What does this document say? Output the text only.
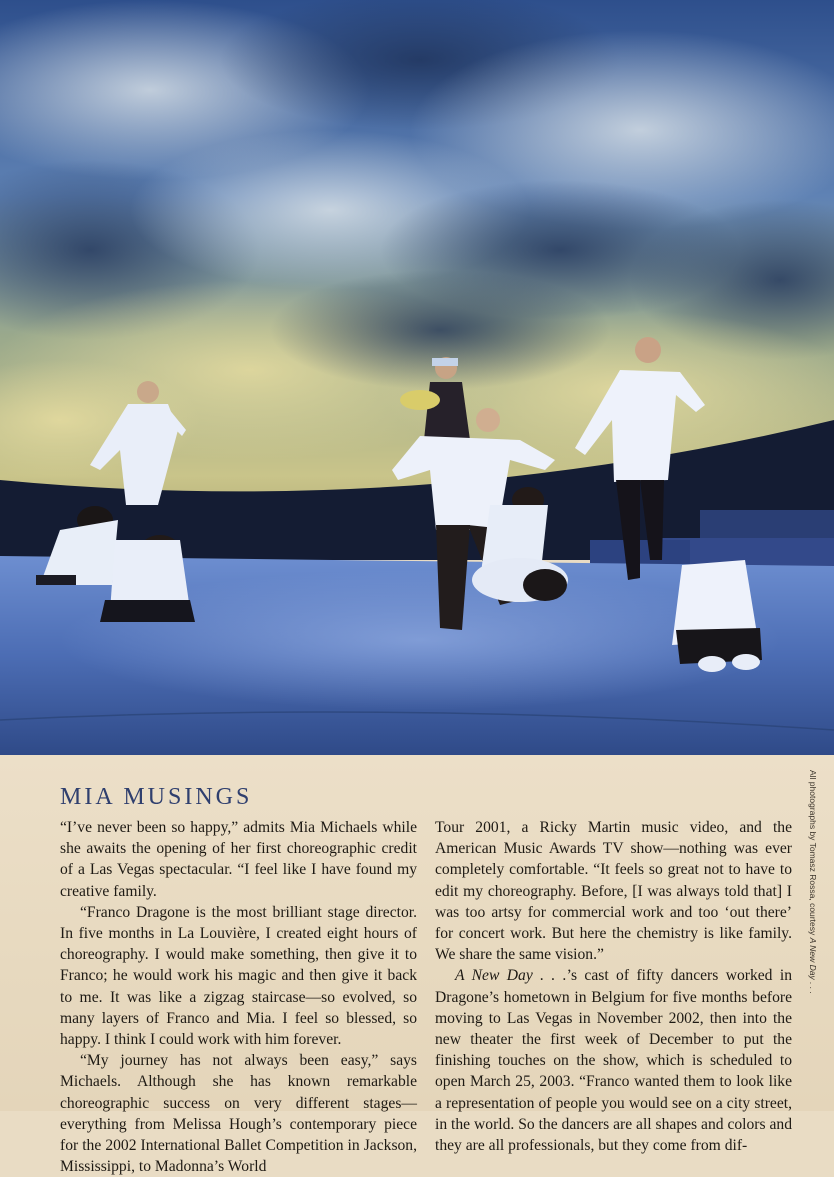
MIA MUSINGS

“I’ve never been so happy,” admits Mia Michaels while she awaits the opening of her first choreographic credit of a Las Vegas spectacular. “I feel like I have found my creative family.

“Franco Dragone is the most brilliant stage director. In five months in La Louvière, I created eight hours of choreography. I would make something, then give it to Franco; he would work his magic and then give it back to me. It was like a zigzag staircase—so evolved, so many layers of Franco and Mia. I feel so blessed, so happy. I think I could work with him forever.

“My journey has not always been easy,” says Michaels. Although she has known remarkable choreographic success on very different stages—everything from Melissa Hough’s contemporary piece for the 2002 International Ballet Competition in Jackson, Mississippi, to Madonna’s World

Tour 2001, a Ricky Martin music video, and the American Music Awards TV show—nothing was ever completely comfortable. “It feels so great not to have to edit my choreography. Before, [I was always told that] I was too artsy for commercial work and too ‘out there’ for concert work. But here the chemistry is like family. We share the same vision.”

A New Day . . .’s cast of fifty dancers worked in Dragone’s hometown in Belgium for five months before moving to Las Vegas in November 2002, then into the new theater the first week of December to put the finishing touches on the show, which is scheduled to open March 25, 2003. “Franco wanted them to look like a representation of people you would see on a city street, in the world. So the dancers are all shapes and colors and they are all professionals, but they come from dif-

All photographs by Tomasz Rossa, courtesy A New Day . . .
